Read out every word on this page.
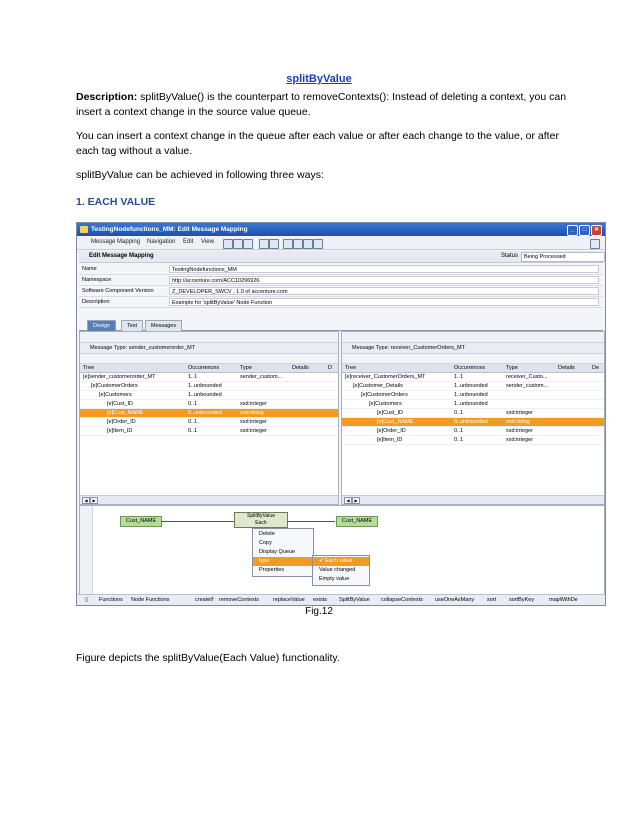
splitByValue
Description: splitByValue() is the counterpart to removeContexts(): Instead of deleting a context, you can insert a context change in the source value queue.
You can insert a context change in the queue after each value or after each change to the value, or after each tag without a value.
splitByValue can be achieved in following three ways:
1. EACH VALUE
TestingNodefunctions_MM: Edit Message Mapping	_	□	✕
Message Mapping Navigation Edit View
Edit Message Mapping	Status	Being Processed
Name	TestingNodefunctions_MM
Namespace	http://accenture.com/ACC10296926
Software Component Version	Z_DEVELOPER_SWCV , 1.0 of accenture.com
Description	Example for 'splitByValue' Node Function
Design	Test	Messages
Message Type: sender_customerorder_MT
Tree	Occurrences	Type	Details	D
[e]sender_customerorder_MT	1..1	sender_custom...
[e]CustomerOrders	1..unbounded
[e]Customers	1..unbounded
[e]Cust_ID	0..1	xsd:integer
[e]Cust_NAME	0..unbounded	xsd:string
[e]Order_ID	0..1	xsd:integer
[e]Item_ID	0..1	xsd:integer
◀	▶
Message Type: receiver_CustomerOrders_MT
Tree	Occurrences	Type	Details	De
[e]receiver_CustomerOrders_MT	1..1	receiver_Custo...
[e]Customer_Details	1..unbounded	sender_custom...
[e]CustomerOrders	1..unbounded
[e]Customers	1..unbounded
[e]Cust_ID	0..1	xsd:integer
[e]Cust_NAME	0..unbounded	xsd:string
[e]Order_ID	0..1	xsd:integer
[e]Item_ID	0..1	xsd:integer
◀	▶
Cust_NAME
SplitByValue
Each	Cust_NAME
Delete
Copy
Display Queue
type
Properties
✔ Each value
Value changed
Empty value
▯ Functions Node Functions	createIf removeContexts	replaceValue exists SplitByValue collapseContexts useOneAsMany sort sortByKey	mapWithDe
Fig.12
Figure depicts the splitByValue(Each Value) functionality.
